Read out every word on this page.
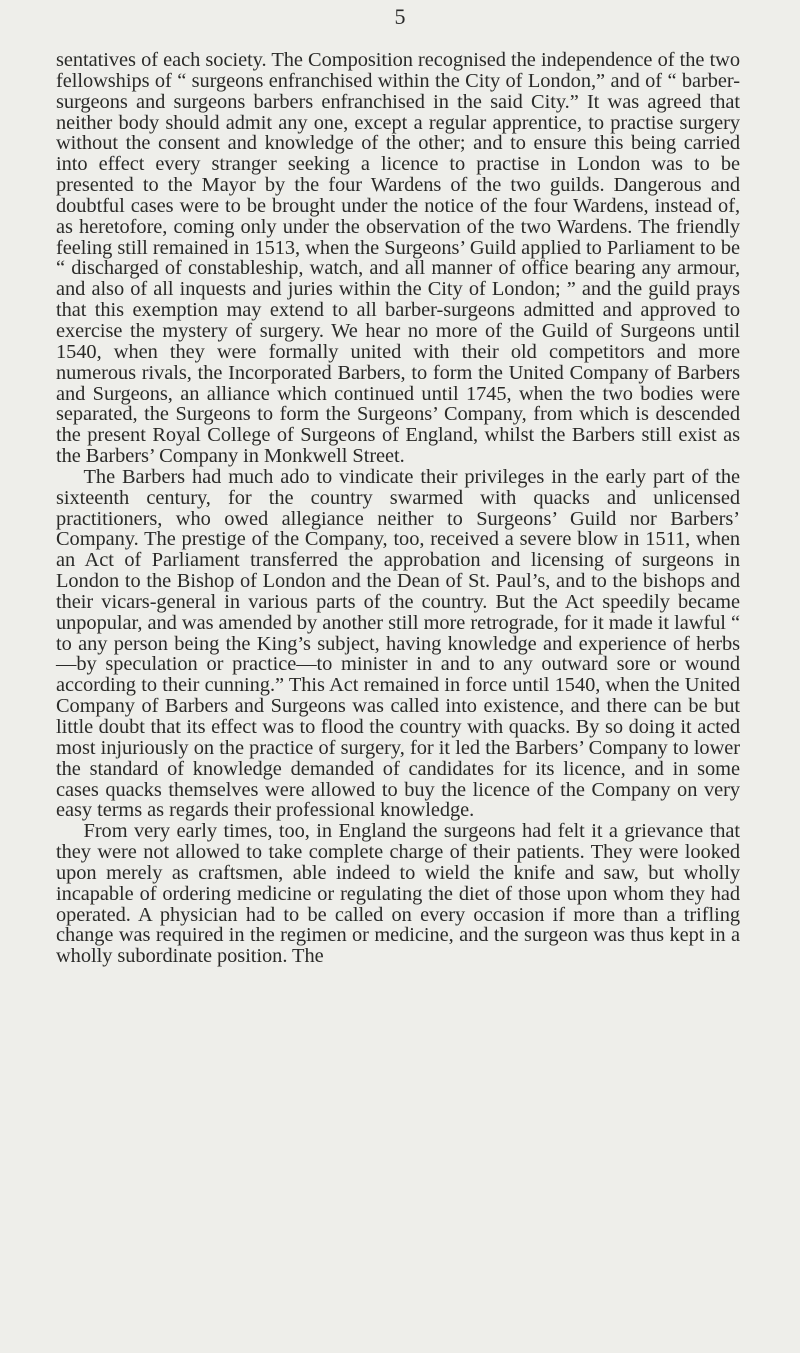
5

sentatives of each society. The Composition recognised the independence of the two fellowships of “ surgeons enfranchised within the City of London,” and of “ barber-surgeons and surgeons barbers enfranchised in the said City.” It was agreed that neither body should admit any one, except a regular apprentice, to practise surgery without the consent and knowledge of the other; and to ensure this being carried into effect every stranger seeking a licence to practise in London was to be presented to the Mayor by the four Wardens of the two guilds. Dangerous and doubtful cases were to be brought under the notice of the four Wardens, instead of, as heretofore, coming only under the observation of the two Wardens. The friendly feeling still remained in 1513, when the Surgeons’ Guild applied to Parliament to be “ discharged of constableship, watch, and all manner of office bearing any armour, and also of all inquests and juries within the City of London; ” and the guild prays that this exemption may extend to all barber-surgeons admitted and approved to exercise the mystery of surgery. We hear no more of the Guild of Surgeons until 1540, when they were formally united with their old competitors and more numerous rivals, the Incorporated Barbers, to form the United Company of Barbers and Surgeons, an alliance which continued until 1745, when the two bodies were separated, the Surgeons to form the Surgeons’ Company, from which is descended the present Royal College of Surgeons of England, whilst the Barbers still exist as the Barbers’ Company in Monkwell Street.

The Barbers had much ado to vindicate their privileges in the early part of the sixteenth century, for the country swarmed with quacks and unlicensed practitioners, who owed allegiance neither to Surgeons’ Guild nor Barbers’ Company. The prestige of the Company, too, received a severe blow in 1511, when an Act of Parliament transferred the approbation and licensing of surgeons in London to the Bishop of London and the Dean of St. Paul’s, and to the bishops and their vicars-general in various parts of the country. But the Act speedily became unpopular, and was amended by another still more retrograde, for it made it lawful “ to any person being the King’s subject, having knowledge and experience of herbs—by speculation or practice—to minister in and to any outward sore or wound according to their cunning.” This Act remained in force until 1540, when the United Company of Barbers and Surgeons was called into existence, and there can be but little doubt that its effect was to flood the country with quacks. By so doing it acted most injuriously on the practice of surgery, for it led the Barbers’ Company to lower the standard of knowledge demanded of candidates for its licence, and in some cases quacks themselves were allowed to buy the licence of the Company on very easy terms as regards their professional knowledge.

From very early times, too, in England the surgeons had felt it a grievance that they were not allowed to take complete charge of their patients. They were looked upon merely as craftsmen, able indeed to wield the knife and saw, but wholly incapable of ordering medicine or regulating the diet of those upon whom they had operated. A physician had to be called on every occasion if more than a trifling change was required in the regimen or medicine, and the surgeon was thus kept in a wholly subordinate position. The
